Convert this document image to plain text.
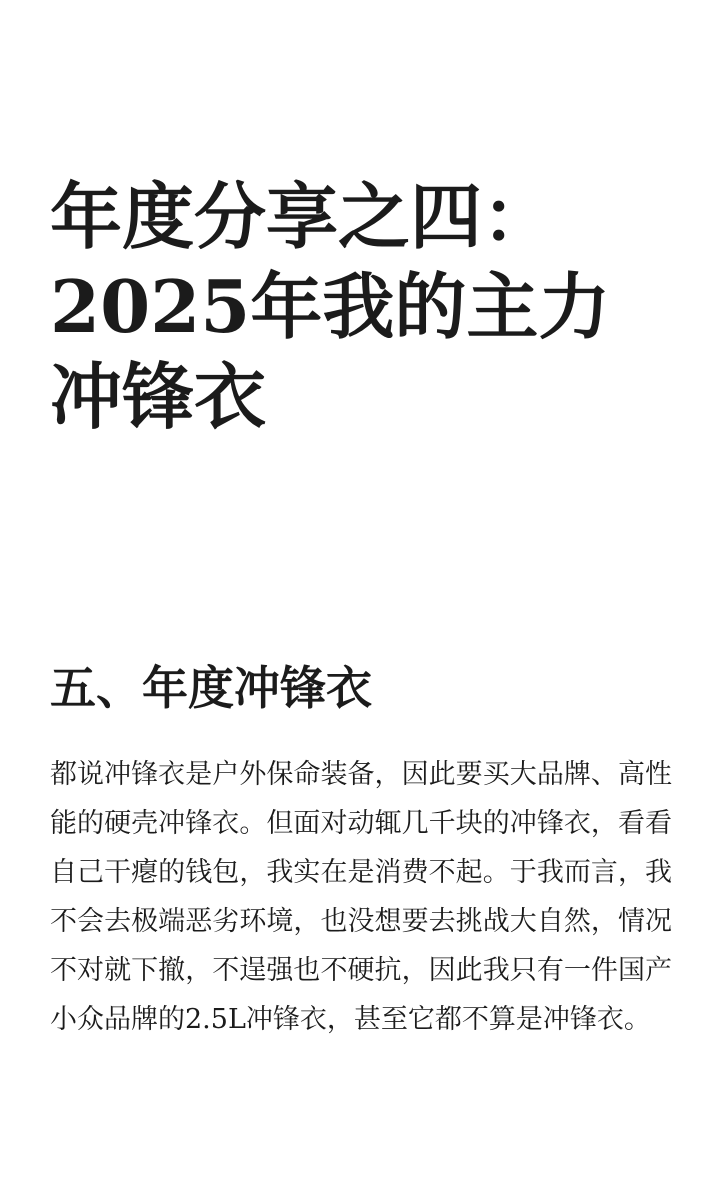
年度分享之四：
2025年我的主力
冲锋衣
五、年度冲锋衣

都说冲锋衣是户外保命装备，因此要买大品牌、高性能的硬壳冲锋衣。但面对动辄几千块的冲锋衣，看看自己干瘪的钱包，我实在是消费不起。于我而言，我不会去极端恶劣环境，也没想要去挑战大自然，情况不对就下撤，不逞强也不硬抗，因此我只有一件国产小众品牌的2.5L冲锋衣，甚至它都不算是冲锋衣。
